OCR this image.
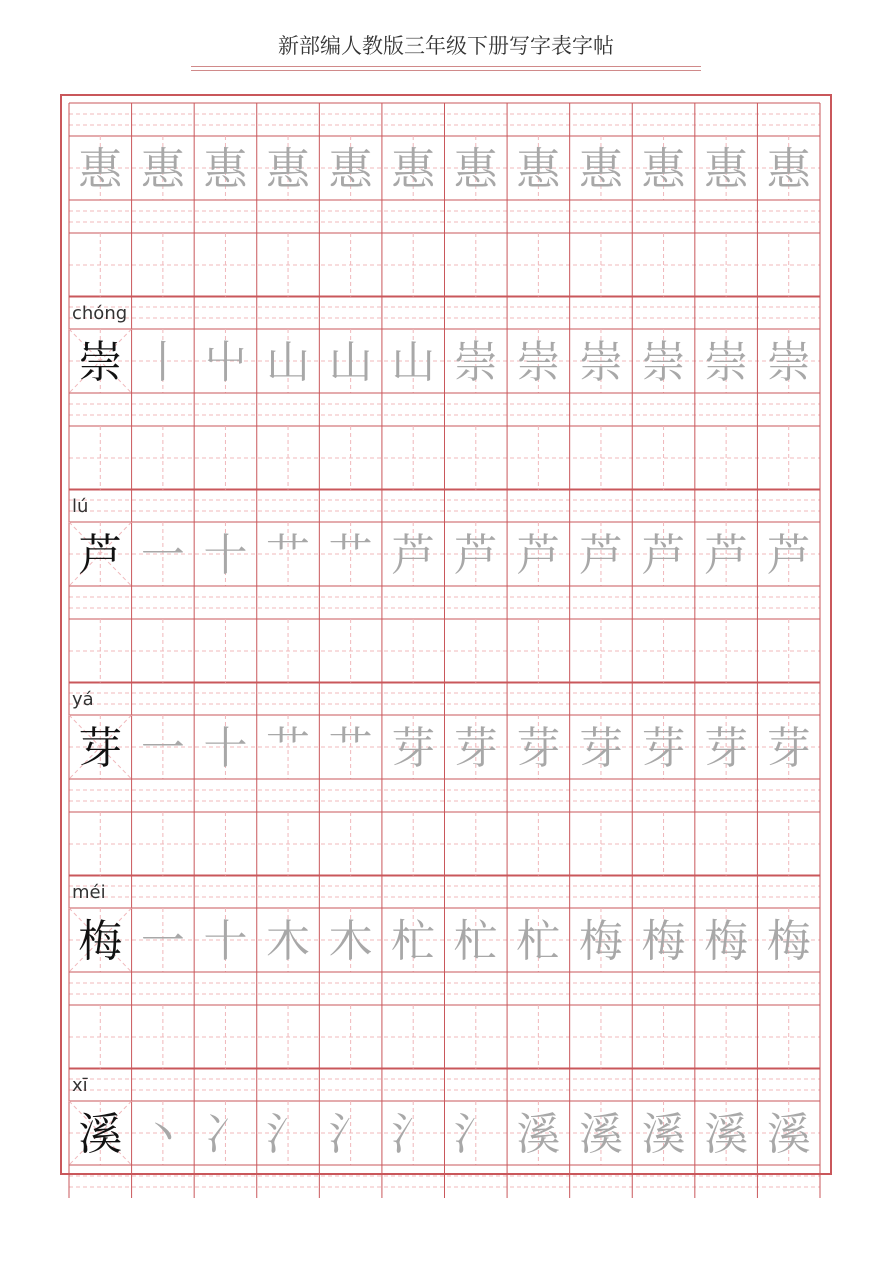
新部编人教版三年级下册写字表字帖
惠 惠 惠 惠 惠 惠 惠 惠 惠 惠 惠 惠
chóng
崇 丨 屮 山 山 山 崇 崇 崇 崇 崇 崇
lú
芦 一 十 艹 艹 芦 芦 芦 芦 芦 芦 芦
yá
芽 一 十 艹 艹 芽 芽 芽 芽 芽 芽 芽
méi
梅 一 十 木 木 杧 杧 杧 梅 梅 梅 梅
xī
溪 丶 冫 氵 氵 氵 氵 溪 溪 溪 溪 溪
